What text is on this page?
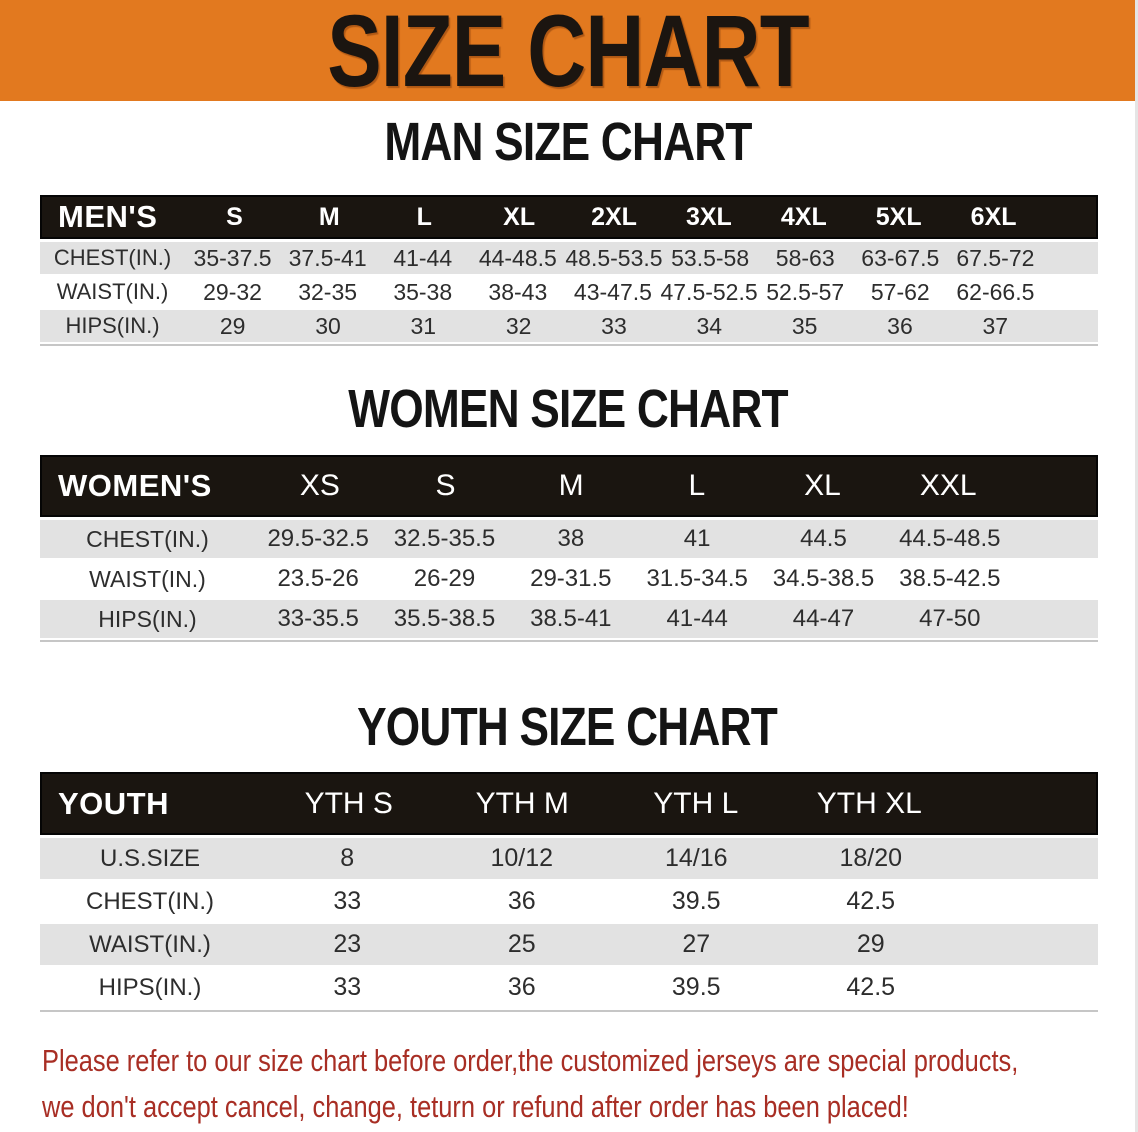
SIZE CHART
MAN SIZE CHART
MEN'S	S	M	L	XL	2XL	3XL	4XL	5XL	6XL
CHEST(IN.) 35-37.5 37.5-41	41-44	44-48.5 48.5-53.5 53.5-58	58-63	63-67.5 67.5-72
WAIST(IN.)	29-32	32-35	35-38	38-43	43-47.5 47.5-52.5 52.5-57	57-62	62-66.5
HIPS(IN.)	29	30	31	32	33	34	35	36	37
WOMEN SIZE CHART
WOMEN'S	XS	S	M	L	XL	XXL
CHEST(IN.)	29.5-32.5	32.5-35.5	38	41	44.5	44.5-48.5
WAIST(IN.)	23.5-26	26-29	29-31.5	31.5-34.5	34.5-38.5	38.5-42.5
HIPS(IN.)	33-35.5	35.5-38.5	38.5-41	41-44	44-47	47-50
YOUTH SIZE CHART
YOUTH	YTH S	YTH M	YTH L	YTH XL
U.S.SIZE	8	10/12	14/16	18/20
CHEST(IN.)	33	36	39.5	42.5
WAIST(IN.)	23	25	27	29
HIPS(IN.)	33	36	39.5	42.5
Please refer to our size chart before order,the customized jerseys are special products,
we don't accept cancel, change, teturn or refund after order has been placed!
